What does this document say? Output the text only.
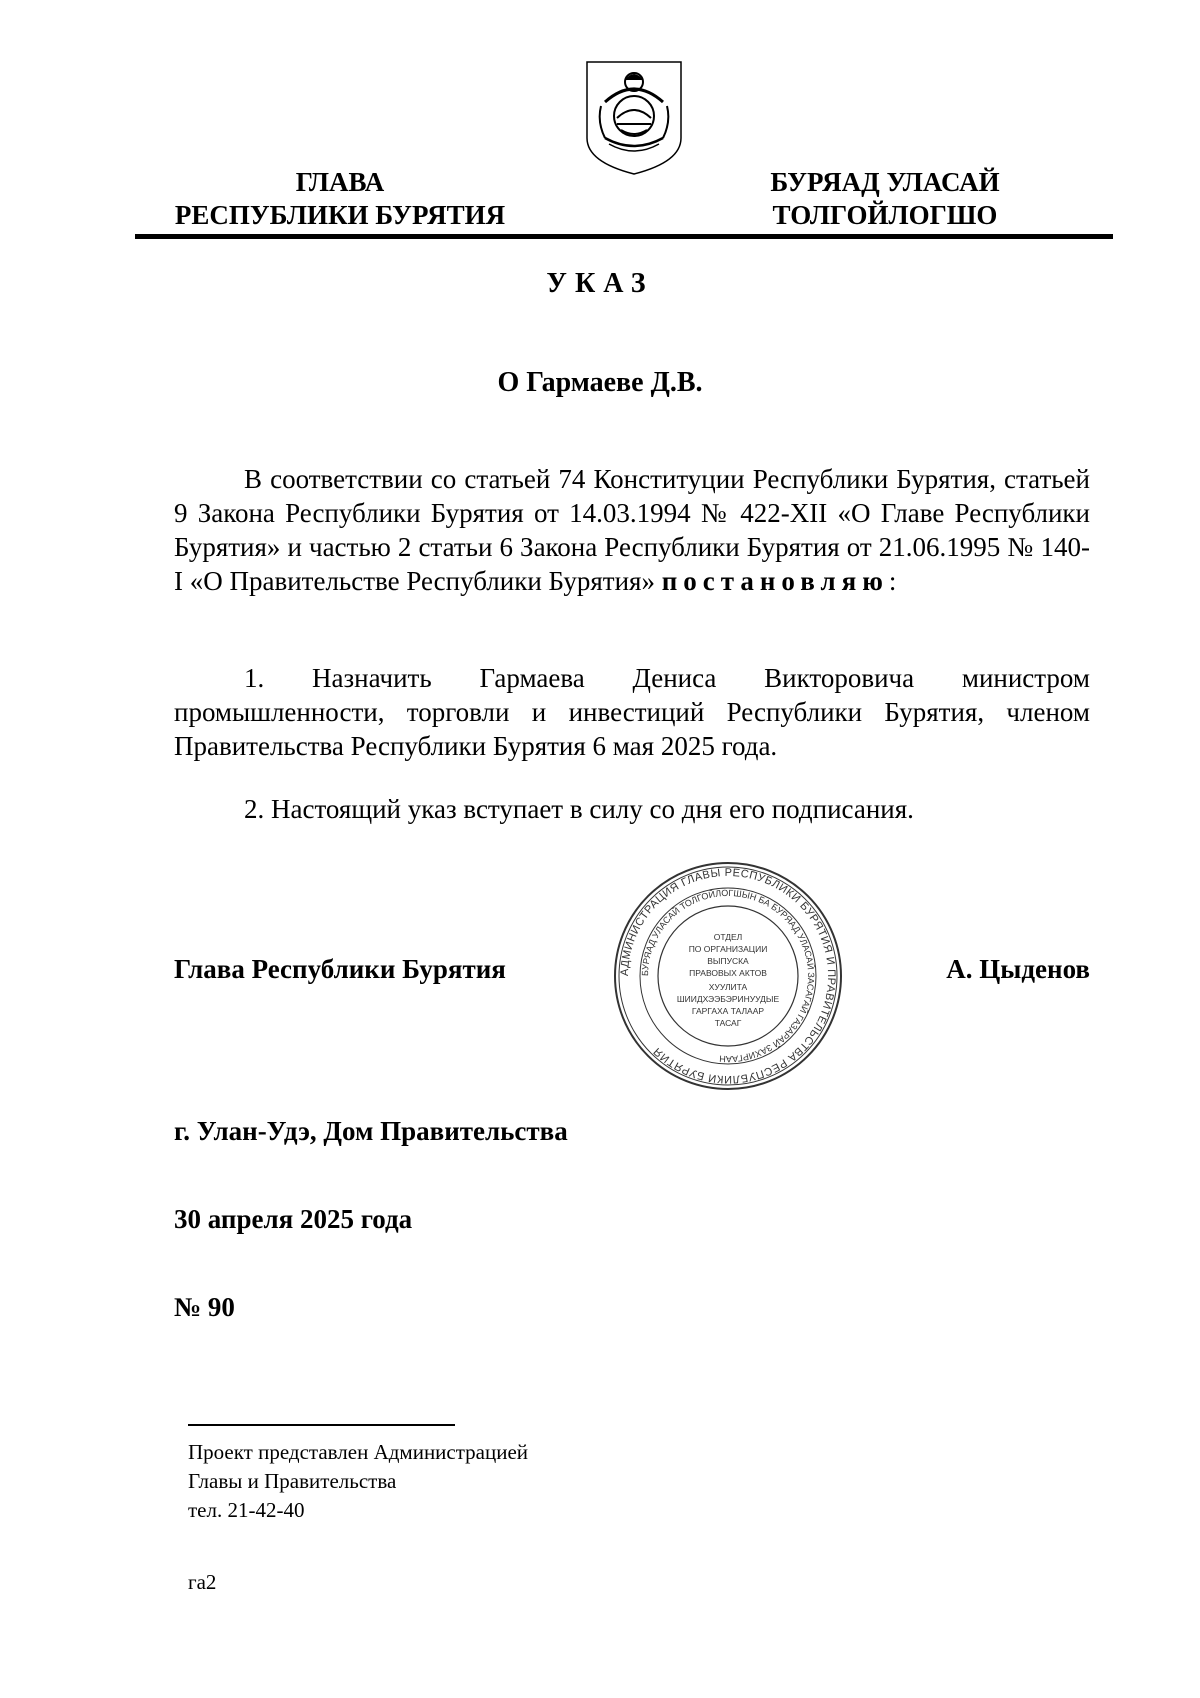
ГЛАВА
РЕСПУБЛИКИ БУРЯТИЯ
БУРЯАД УЛАСАЙ
ТОЛГОЙЛОГШО
УКАЗ
О Гармаеве Д.В.
В соответствии со статьей 74 Конституции Республики Бурятия, статьей 9 Закона Республики Бурятия от 14.03.1994 № 422-XII «О Главе Республики Бурятия» и частью 2 статьи 6 Закона Республики Бурятия от 21.06.1995 № 140-I «О Правительстве Республики Бурятия» постановляю:
1. Назначить Гармаева Дениса Викторовича министром промышленности, торговли и инвестиций Республики Бурятия, членом Правительства Республики Бурятия 6 мая 2025 года.
2. Настоящий указ вступает в силу со дня его подписания.
Глава Республики Бурятия	АДМИНИСТРАЦИЯ ГЛАВЫ РЕСПУБЛИКИ БУРЯТИЯ И ПРАВИТЕЛЬСТВА РЕСПУБЛИКИ БУРЯТИЯ
БУРЯАД УЛАСАЙ ТОЛГОЙЛОГШЫН БА БУРЯАД УЛАСАЙ ЗАСАГАЙ ГАЗАРАЙ ЗАХИРГААН
ОТДЕЛ
ПО ОРГАНИЗАЦИИ
ВЫПУСКА
ПРАВОВЫХ АКТОВ
ХУУЛИТА
ШИИДХЭЭБЭРИНУУДЫЕ
ГАРГАХА ТАЛААР
ТАСАГ
А. Цыденов
г. Улан-Удэ, Дом Правительства
30 апреля 2025 года
№ 90
Проект представлен Администрацией
Главы и Правительства
тел. 21-42-40
га2
